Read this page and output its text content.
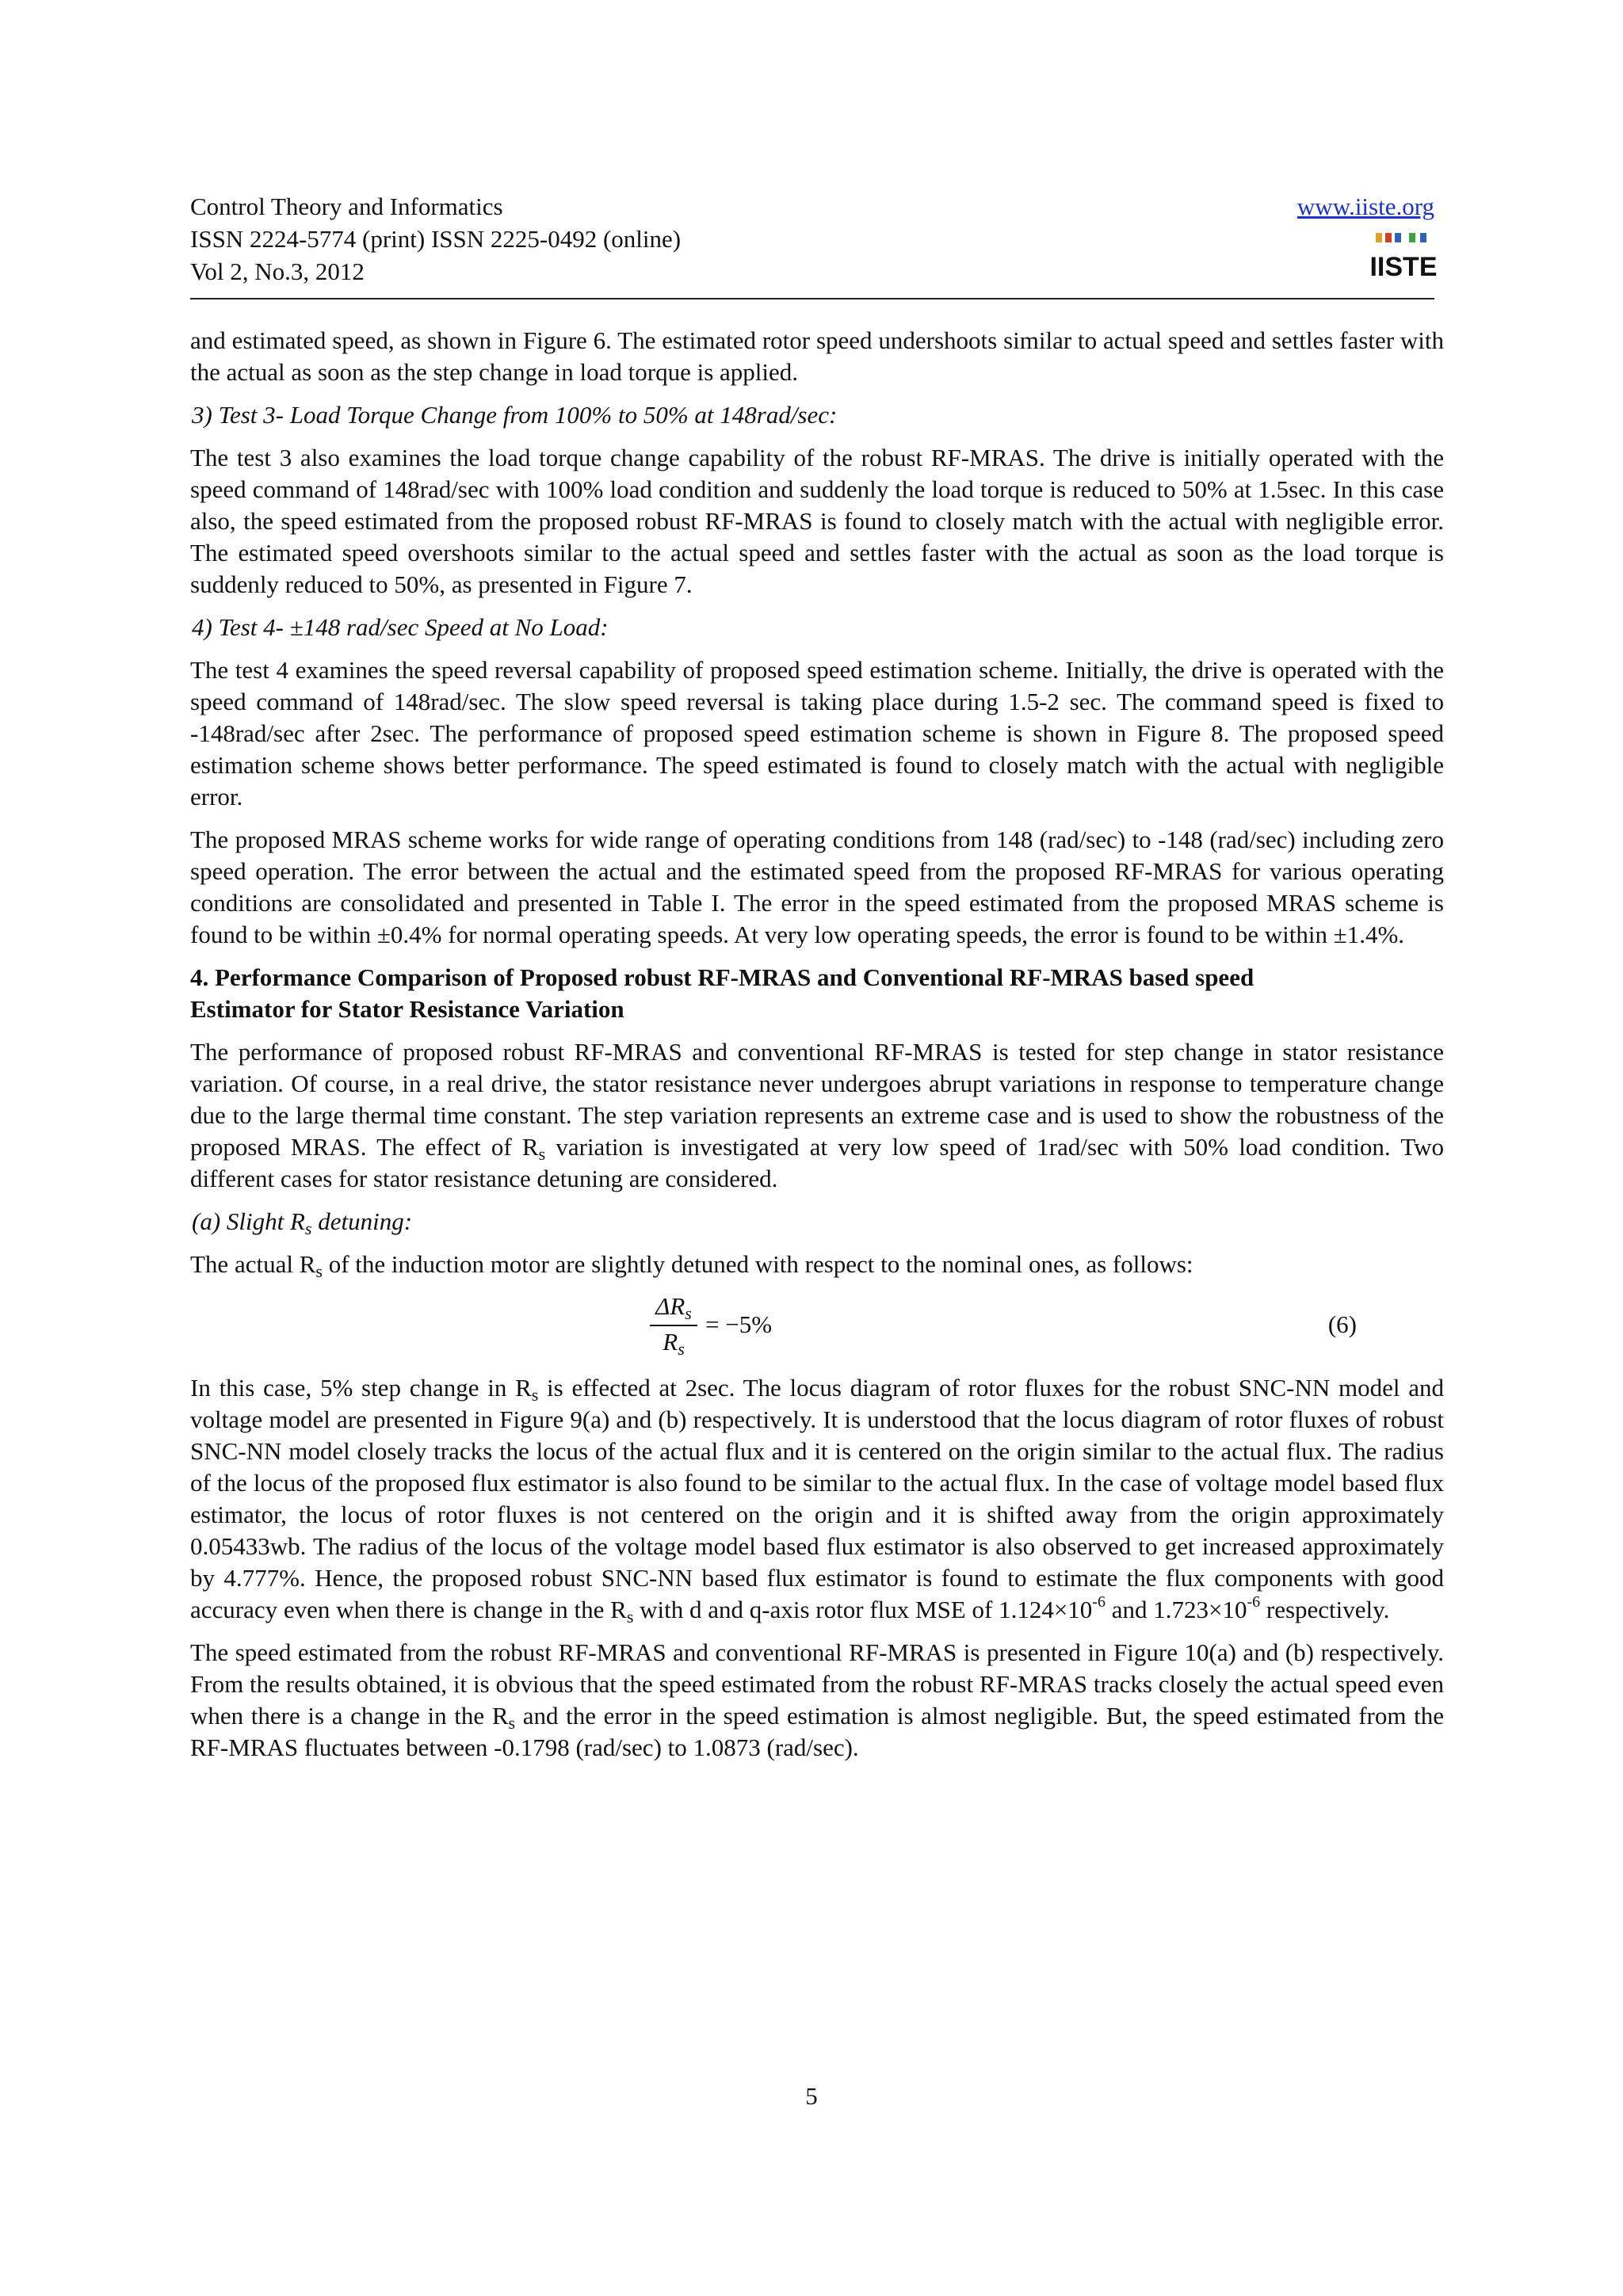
Control Theory and Informatics
ISSN 2224-5774 (print) ISSN 2225-0492 (online)
Vol 2, No.3, 2012
www.iiste.org
IISTE

and estimated speed, as shown in Figure 6. The estimated rotor speed undershoots similar to actual speed and settles faster with the actual as soon as the step change in load torque is applied.

3) Test 3- Load Torque Change from 100% to 50% at 148rad/sec:

The test 3 also examines the load torque change capability of the robust RF-MRAS. The drive is initially operated with the speed command of 148rad/sec with 100% load condition and suddenly the load torque is reduced to 50% at 1.5sec. In this case also, the speed estimated from the proposed robust RF-MRAS is found to closely match with the actual with negligible error. The estimated speed overshoots similar to the actual speed and settles faster with the actual as soon as the load torque is suddenly reduced to 50%, as presented in Figure 7.

4) Test 4- ±148 rad/sec Speed at No Load:

The test 4 examines the speed reversal capability of proposed speed estimation scheme. Initially, the drive is operated with the speed command of 148rad/sec. The slow speed reversal is taking place during 1.5-2 sec. The command speed is fixed to -148rad/sec after 2sec. The performance of proposed speed estimation scheme is shown in Figure 8. The proposed speed estimation scheme shows better performance. The speed estimated is found to closely match with the actual with negligible error.

The proposed MRAS scheme works for wide range of operating conditions from 148 (rad/sec) to -148 (rad/sec) including zero speed operation. The error between the actual and the estimated speed from the proposed RF-MRAS for various operating conditions are consolidated and presented in Table I. The error in the speed estimated from the proposed MRAS scheme is found to be within ±0.4% for normal operating speeds. At very low operating speeds, the error is found to be within ±1.4%.

4. Performance Comparison of Proposed robust RF-MRAS and Conventional RF-MRAS based speed
Estimator for Stator Resistance Variation

The performance of proposed robust RF-MRAS and conventional RF-MRAS is tested for step change in stator resistance variation. Of course, in a real drive, the stator resistance never undergoes abrupt variations in response to temperature change due to the large thermal time constant. The step variation represents an extreme case and is used to show the robustness of the proposed MRAS. The effect of $R_s$ variation is investigated at very low speed of 1rad/sec with 50% load condition. Two different cases for stator resistance detuning are considered.

(a) Slight $R_s$ detuning:

The actual $R_s$ of the induction motor are slightly detuned with respect to the nominal ones, as follows:

$\Delta R_s$
$R_s$
= −5%	(6)

In this case, 5% step change in $R_s$ is effected at 2sec. The locus diagram of rotor fluxes for the robust SNC-NN model and voltage model are presented in Figure 9(a) and (b) respectively. It is understood that the locus diagram of rotor fluxes of robust SNC-NN model closely tracks the locus of the actual flux and it is centered on the origin similar to the actual flux. The radius of the locus of the proposed flux estimator is also found to be similar to the actual flux. In the case of voltage model based flux estimator, the locus of rotor fluxes is not centered on the origin and it is shifted away from the origin approximately 0.05433wb. The radius of the locus of the voltage model based flux estimator is also observed to get increased approximately by 4.777%. Hence, the proposed robust SNC-NN based flux estimator is found to estimate the flux components with good accuracy even when there is change in the $R_s$ with d and q-axis rotor flux MSE of $1.124\times 10^{-6}$ and $1.723\times 10^{-6}$ respectively.

The speed estimated from the robust RF-MRAS and conventional RF-MRAS is presented in Figure 10(a) and (b) respectively. From the results obtained, it is obvious that the speed estimated from the robust RF-MRAS tracks closely the actual speed even when there is a change in the $R_s$ and the error in the speed estimation is almost negligible. But, the speed estimated from the RF-MRAS fluctuates between -0.1798 (rad/sec) to 1.0873 (rad/sec).

5
